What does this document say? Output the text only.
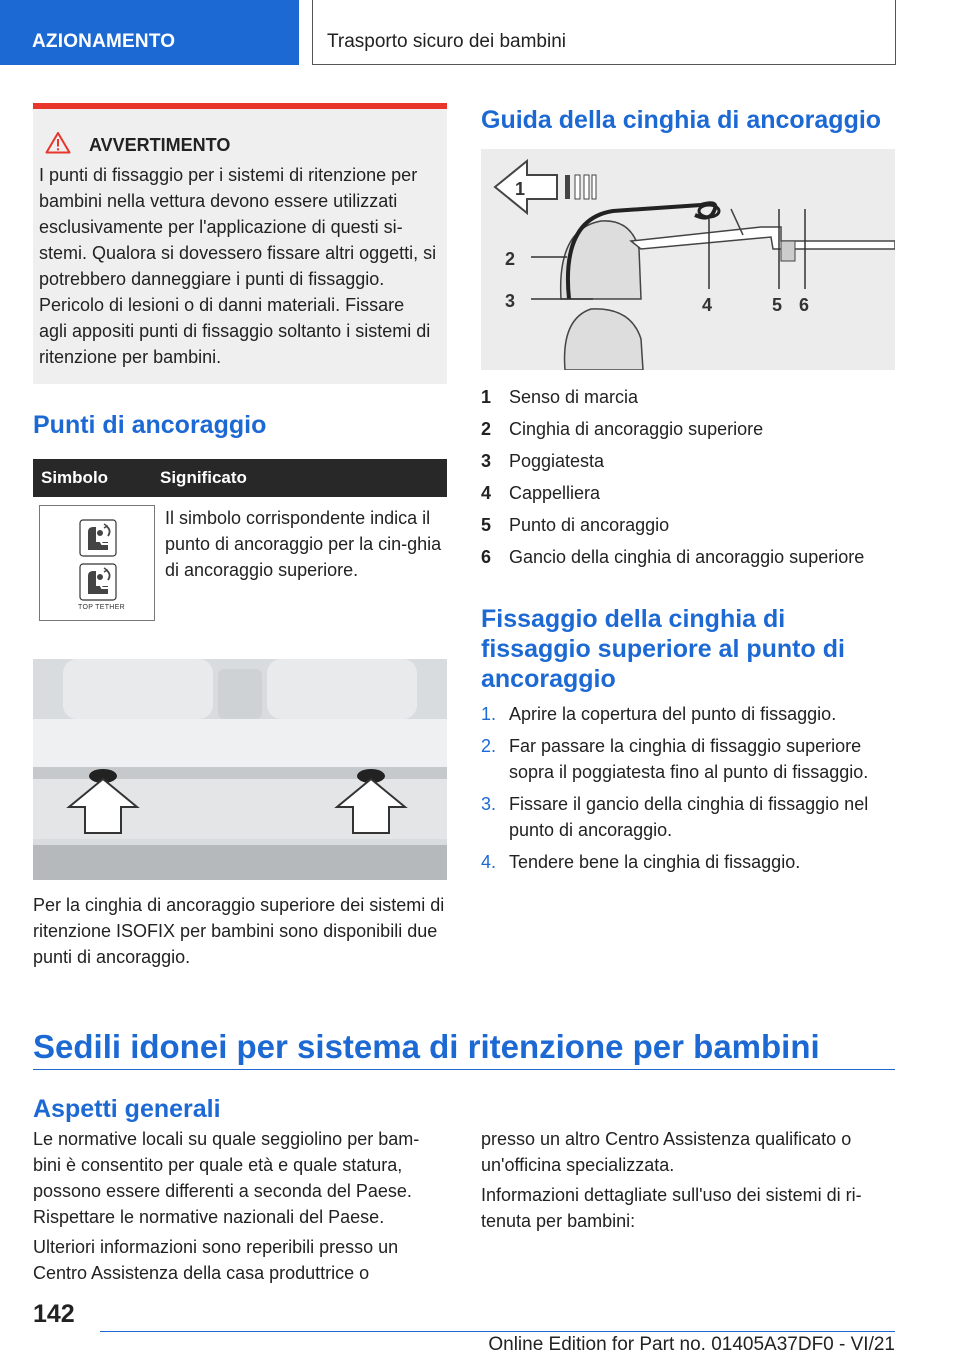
AZIONAMENTO	Trasporto sicuro dei bambini
AVVERTIMENTO

I punti di fissaggio per i sistemi di ritenzione per bambini nella vettura devono essere utilizzati esclusivamente per l'applicazione di questi si-stemi. Qualora si dovessero fissare altri oggetti, si potrebbero danneggiare i punti di fissaggio. Pericolo di lesioni o di danni materiali. Fissare agli appositi punti di fissaggio soltanto i sistemi di ritenzione per bambini.

Punti di ancoraggio
Simbolo	Significato
TOP TETHER

Il simbolo corrispondente indica il punto di ancoraggio per la cin-ghia di ancoraggio superiore.

Per la cinghia di ancoraggio superiore dei sistemi di ritenzione ISOFIX per bambini sono disponibili due punti di ancoraggio.

Guida della cinghia di ancoraggio
1
2
3	4	5 6
1 Senso di marcia
2 Cinghia di ancoraggio superiore
3 Poggiatesta
4 Cappelliera
5 Punto di ancoraggio
6 Gancio della cinghia di ancoraggio superiore
Fissaggio della cinghia di
fissaggio superiore al punto di
ancoraggio
1. Aprire la copertura del punto di fissaggio.
2. Far passare la cinghia di fissaggio superiore sopra il poggiatesta fino al punto di fissaggio.
3. Fissare il gancio della cinghia di fissaggio nel punto di ancoraggio.
4. Tendere bene la cinghia di fissaggio.
Sedili idonei per sistema di ritenzione per bambini
Aspetti generali

Le normative locali su quale seggiolino per bam-bini è consentito per quale età e quale statura, possono essere differenti a seconda del Paese. Rispettare le normative nazionali del Paese.

Ulteriori informazioni sono reperibili presso un Centro Assistenza della casa produttrice o

presso un altro Centro Assistenza qualificato o un'officina specializzata.

Informazioni dettagliate sull'uso dei sistemi di ri-tenuta per bambini:

142
Online Edition for Part no. 01405A37DF0 - VI/21
